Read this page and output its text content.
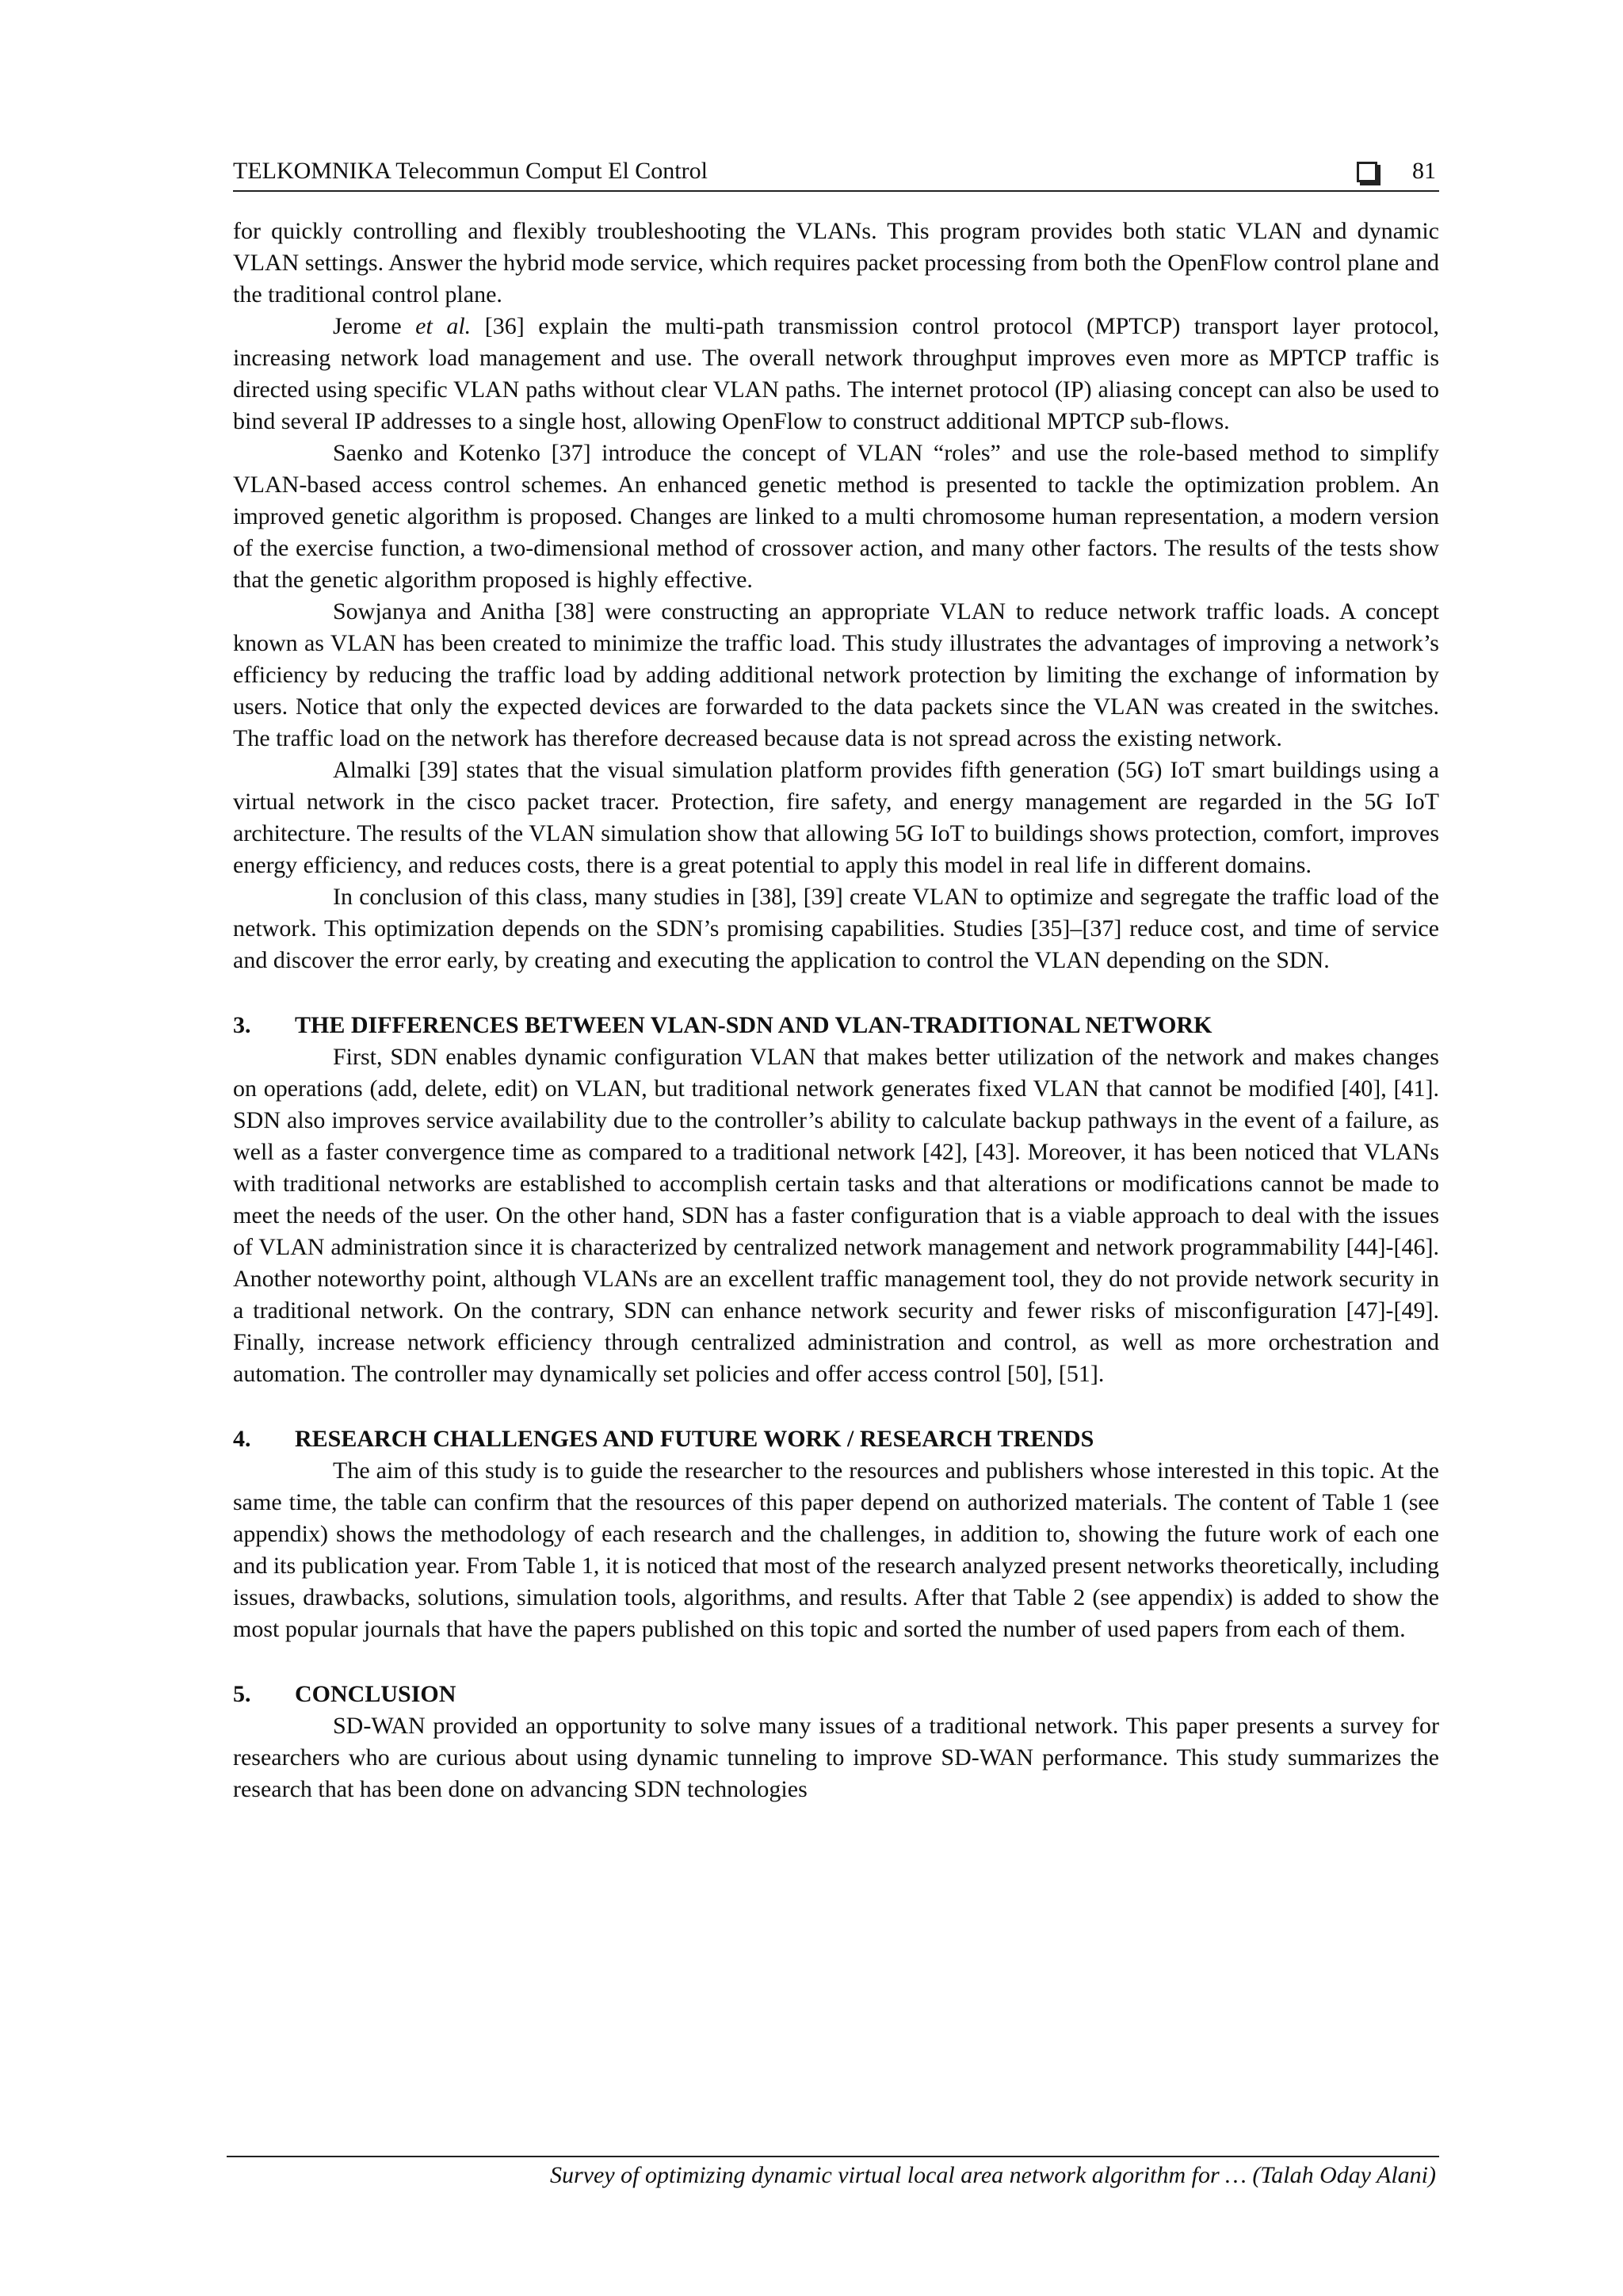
TELKOMNIKA Telecommun Comput El Control	81

for quickly controlling and flexibly troubleshooting the VLANs. This program provides both static VLAN and dynamic VLAN settings. Answer the hybrid mode service, which requires packet processing from both the OpenFlow control plane and the traditional control plane.

Jerome et al. [36] explain the multi-path transmission control protocol (MPTCP) transport layer protocol, increasing network load management and use. The overall network throughput improves even more as MPTCP traffic is directed using specific VLAN paths without clear VLAN paths. The internet protocol (IP) aliasing concept can also be used to bind several IP addresses to a single host, allowing OpenFlow to construct additional MPTCP sub-flows.

Saenko and Kotenko [37] introduce the concept of VLAN “roles” and use the role-based method to simplify VLAN-based access control schemes. An enhanced genetic method is presented to tackle the optimization problem. An improved genetic algorithm is proposed. Changes are linked to a multi chromosome human representation, a modern version of the exercise function, a two-dimensional method of crossover action, and many other factors. The results of the tests show that the genetic algorithm proposed is highly effective.

Sowjanya and Anitha [38] were constructing an appropriate VLAN to reduce network traffic loads. A concept known as VLAN has been created to minimize the traffic load. This study illustrates the advantages of improving a network’s efficiency by reducing the traffic load by adding additional network protection by limiting the exchange of information by users. Notice that only the expected devices are forwarded to the data packets since the VLAN was created in the switches. The traffic load on the network has therefore decreased because data is not spread across the existing network.

Almalki [39] states that the visual simulation platform provides fifth generation (5G) IoT smart buildings using a virtual network in the cisco packet tracer. Protection, fire safety, and energy management are regarded in the 5G IoT architecture. The results of the VLAN simulation show that allowing 5G IoT to buildings shows protection, comfort, improves energy efficiency, and reduces costs, there is a great potential to apply this model in real life in different domains.

In conclusion of this class, many studies in [38], [39] create VLAN to optimize and segregate the traffic load of the network. This optimization depends on the SDN’s promising capabilities. Studies [35]–[37] reduce cost, and time of service and discover the error early, by creating and executing the application to control the VLAN depending on the SDN.

3.	THE DIFFERENCES BETWEEN VLAN-SDN AND VLAN-TRADITIONAL NETWORK

First, SDN enables dynamic configuration VLAN that makes better utilization of the network and makes changes on operations (add, delete, edit) on VLAN, but traditional network generates fixed VLAN that cannot be modified [40], [41]. SDN also improves service availability due to the controller’s ability to calculate backup pathways in the event of a failure, as well as a faster convergence time as compared to a traditional network [42], [43]. Moreover, it has been noticed that VLANs with traditional networks are established to accomplish certain tasks and that alterations or modifications cannot be made to meet the needs of the user. On the other hand, SDN has a faster configuration that is a viable approach to deal with the issues of VLAN administration since it is characterized by centralized network management and network programmability [44]-[46]. Another noteworthy point, although VLANs are an excellent traffic management tool, they do not provide network security in a traditional network. On the contrary, SDN can enhance network security and fewer risks of misconfiguration [47]-[49]. Finally, increase network efficiency through centralized administration and control, as well as more orchestration and automation. The controller may dynamically set policies and offer access control [50], [51].

4.	RESEARCH CHALLENGES AND FUTURE WORK / RESEARCH TRENDS

The aim of this study is to guide the researcher to the resources and publishers whose interested in this topic. At the same time, the table can confirm that the resources of this paper depend on authorized materials. The content of Table 1 (see appendix) shows the methodology of each research and the challenges, in addition to, showing the future work of each one and its publication year. From Table 1, it is noticed that most of the research analyzed present networks theoretically, including issues, drawbacks, solutions, simulation tools, algorithms, and results. After that Table 2 (see appendix) is added to show the most popular journals that have the papers published on this topic and sorted the number of used papers from each of them.

5.	CONCLUSION

SD-WAN provided an opportunity to solve many issues of a traditional network. This paper presents a survey for researchers who are curious about using dynamic tunneling to improve SD-WAN performance. This study summarizes the research that has been done on advancing SDN technologies

Survey of optimizing dynamic virtual local area network algorithm for … (Talah Oday Alani)
